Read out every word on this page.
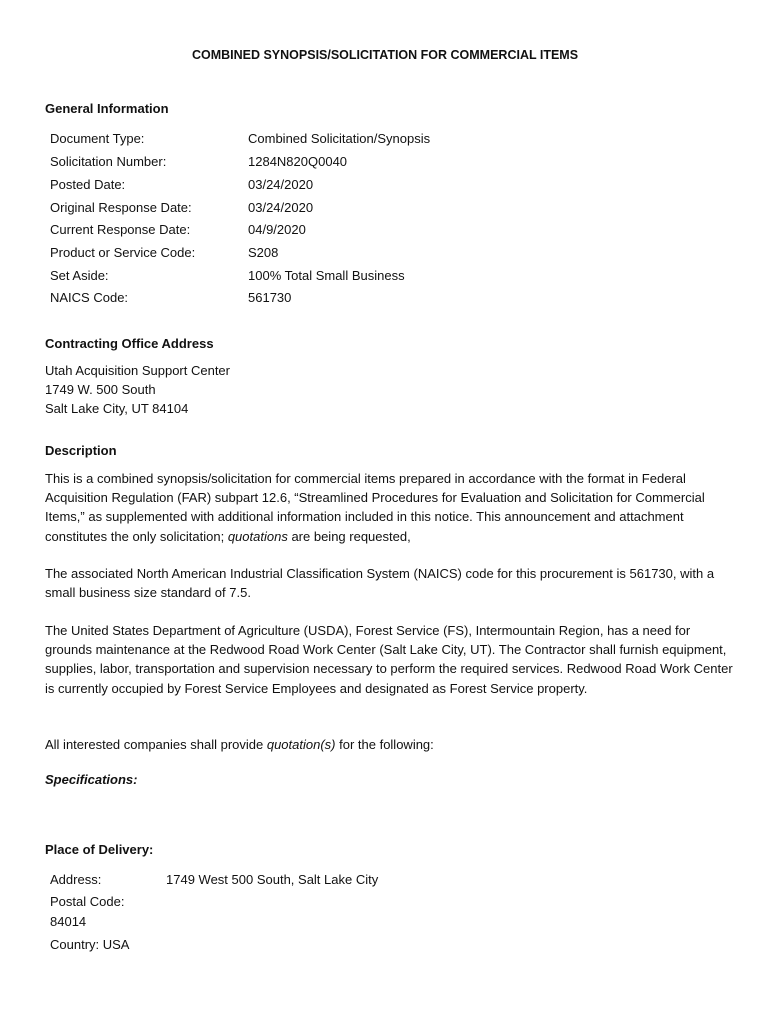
COMBINED SYNOPSIS/SOLICITATION FOR COMMERCIAL ITEMS
General Information
Document Type:	Combined Solicitation/Synopsis
Solicitation Number:	1284N820Q0040
Posted Date:	03/24/2020
Original Response Date:	03/24/2020
Current Response Date:	04/9/2020
Product or Service Code:	S208
Set Aside:	100% Total Small Business
NAICS Code:	561730
Contracting Office Address
Utah Acquisition Support Center
1749 W. 500 South
Salt Lake City, UT 84104
Description
This is a combined synopsis/solicitation for commercial items prepared in accordance with the format in Federal Acquisition Regulation (FAR) subpart 12.6, “Streamlined Procedures for Evaluation and Solicitation for Commercial Items,” as supplemented with additional information included in this notice. This announcement and attachment constitutes the only solicitation; quotations are being requested,
The associated North American Industrial Classification System (NAICS) code for this procurement is 561730, with a small business size standard of 7.5.
The United States Department of Agriculture (USDA), Forest Service (FS), Intermountain Region, has a need for grounds maintenance at the Redwood Road Work Center (Salt Lake City, UT). The Contractor shall furnish equipment, supplies, labor, transportation and supervision necessary to perform the required services. Redwood Road Work Center is currently occupied by Forest Service Employees and designated as Forest Service property.
All interested companies shall provide quotation(s) for the following:
Specifications:
Place of Delivery:
Address:	1749 West 500 South, Salt Lake City
Postal Code:
84014
Country: USA
